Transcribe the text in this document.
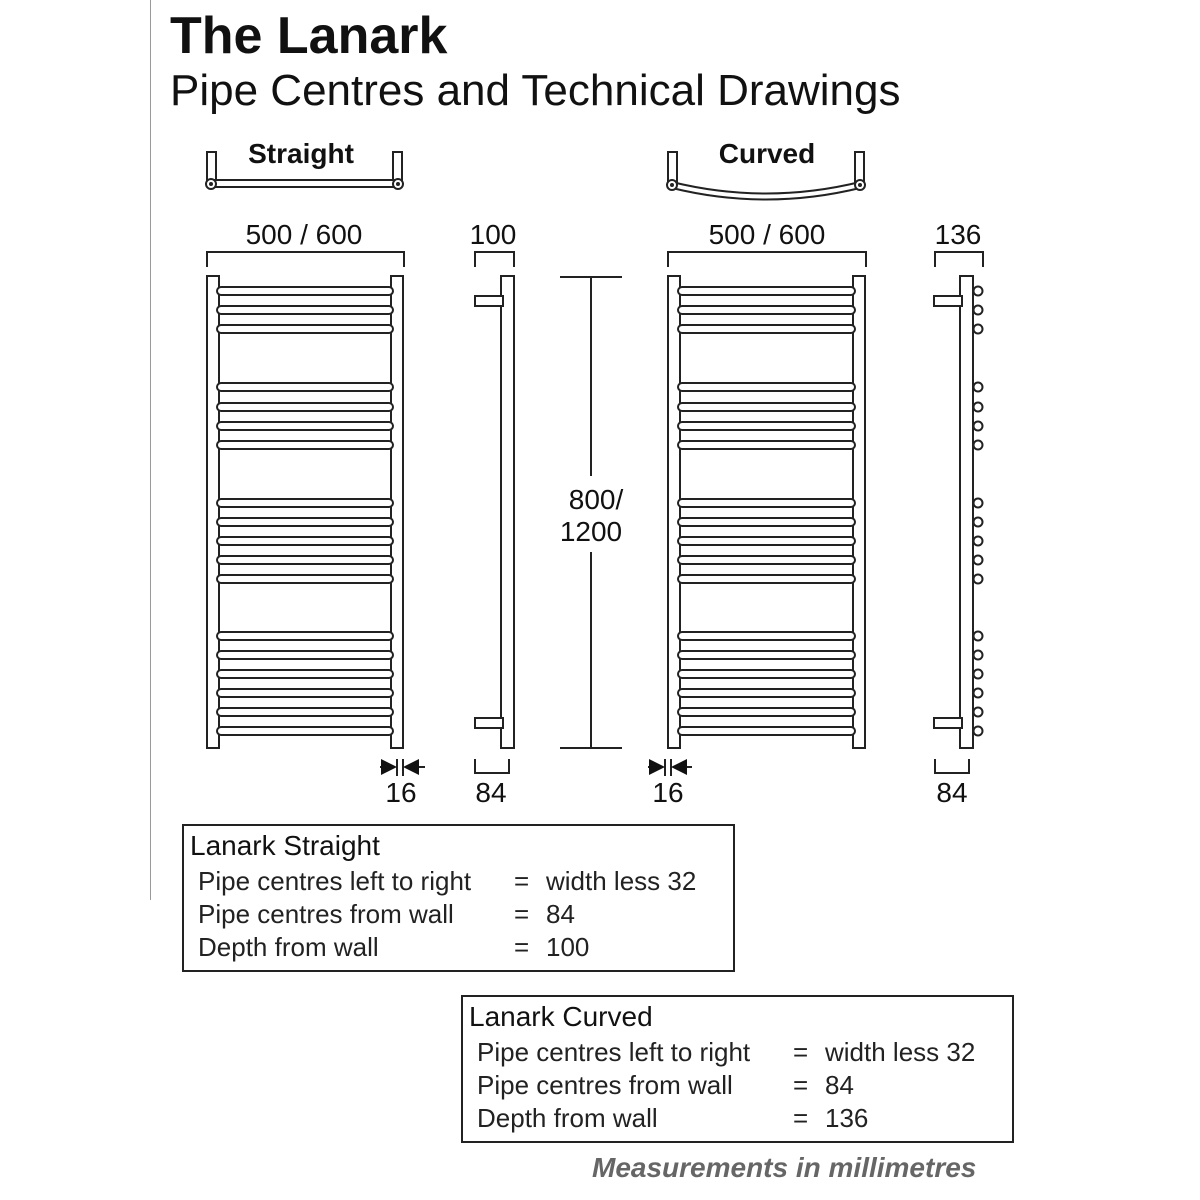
The Lanark
Pipe Centres and Technical Drawings
Straight	Curved
500 / 600	100	500 / 600	136
800/
1200
16 84	16	84
Lanark Straight
Pipe centres left to right = width less 32
Pipe centres from wall = 84
Depth from wall	= 100
Lanark Curved
Pipe centres left to right = width less 32
Pipe centres from wall = 84
Depth from wall	= 136
Measurements in millimetres
